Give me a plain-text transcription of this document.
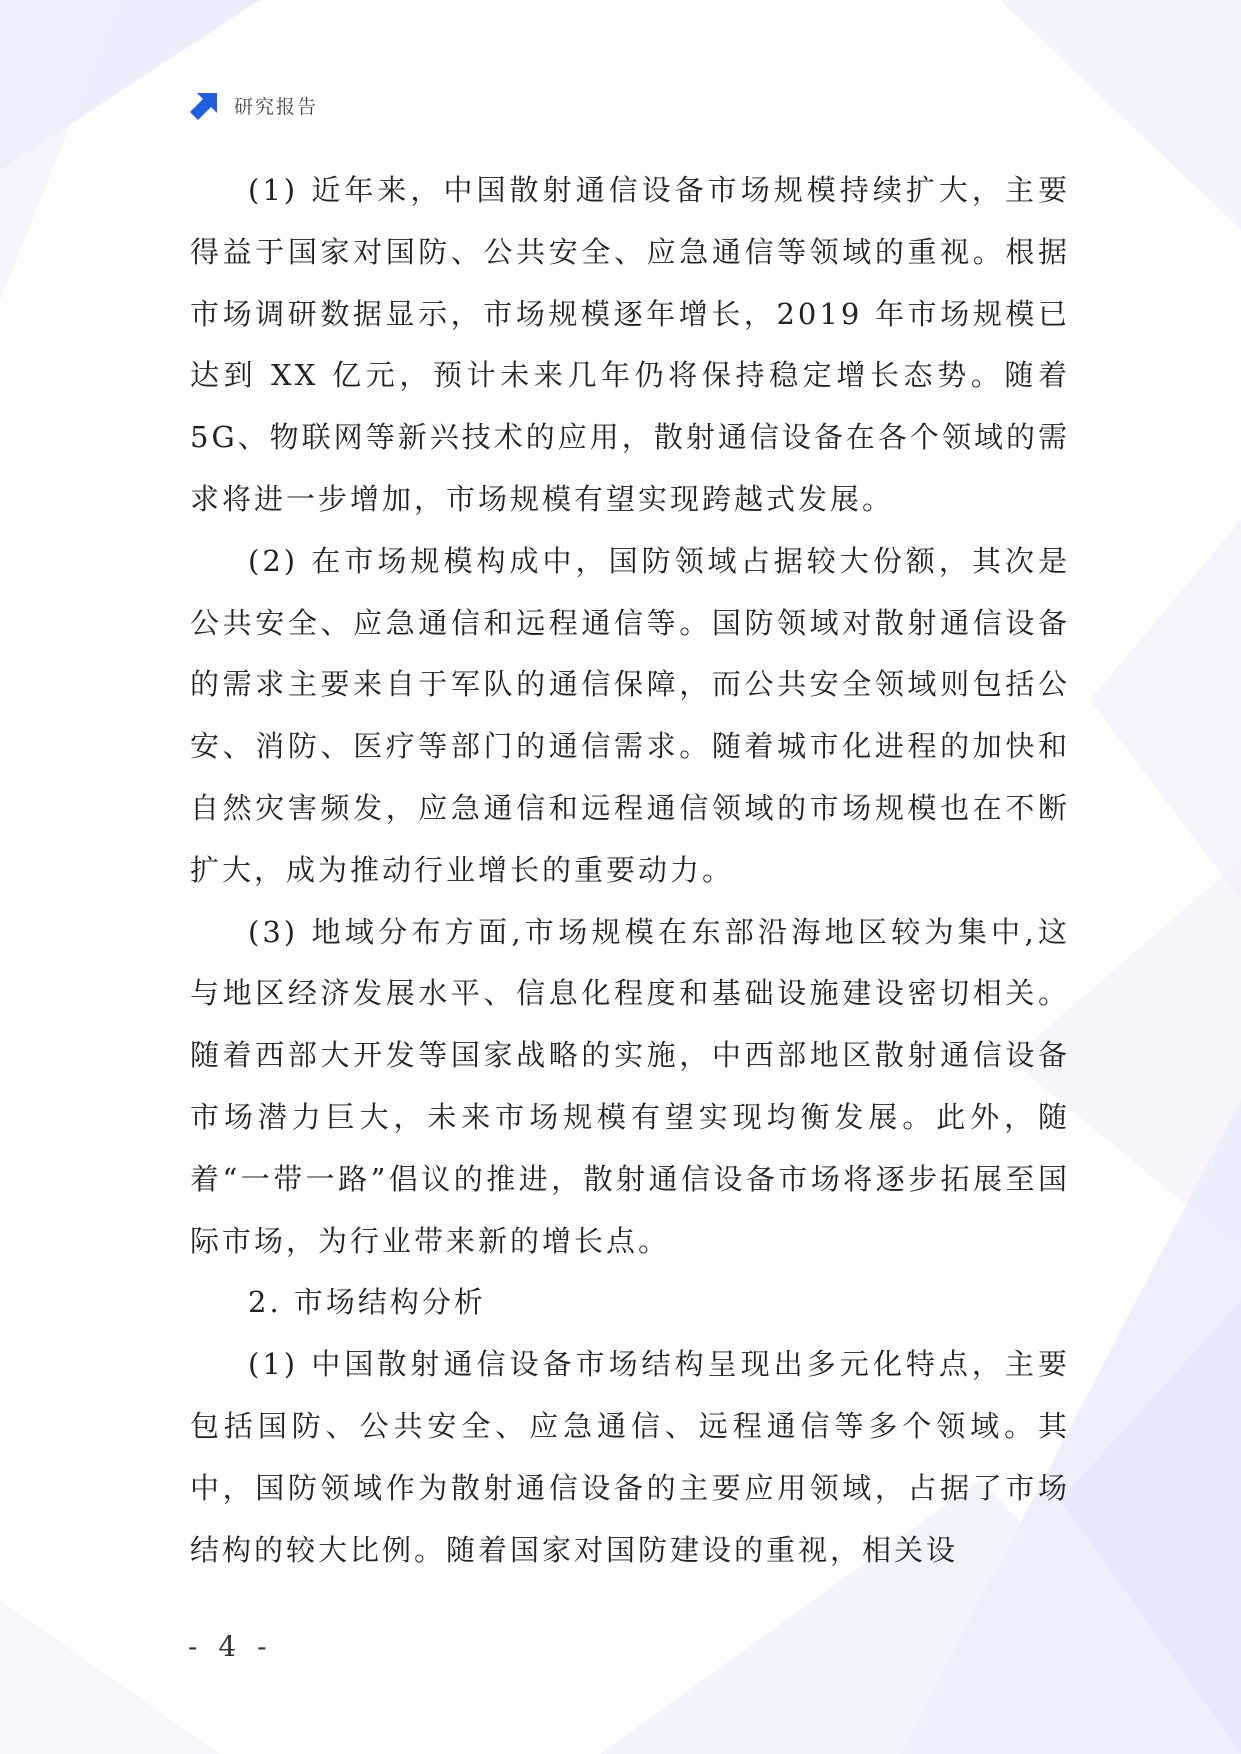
研究报告

(1) 近年来，中国散射通信设备市场规模持续扩大，主要得益于国家对国防、公共安全、应急通信等领域的重视。根据市场调研数据显示，市场规模逐年增长，2019 年市场规模已达到 XX 亿元，预计未来几年仍将保持稳定增长态势。随着 5G、物联网等新兴技术的应用，散射通信设备在各个领域的需求将进一步增加，市场规模有望实现跨越式发展。

(2) 在市场规模构成中，国防领域占据较大份额，其次是公共安全、应急通信和远程通信等。国防领域对散射通信设备的需求主要来自于军队的通信保障，而公共安全领域则包括公安、消防、医疗等部门的通信需求。随着城市化进程的加快和自然灾害频发，应急通信和远程通信领域的市场规模也在不断扩大，成为推动行业增长的重要动力。

(3) 地域分布方面,市场规模在东部沿海地区较为集中,这与地区经济发展水平、信息化程度和基础设施建设密切相关。随着西部大开发等国家战略的实施，中西部地区散射通信设备市场潜力巨大，未来市场规模有望实现均衡发展。此外，随着“一带一路”倡议的推进，散射通信设备市场将逐步拓展至国际市场，为行业带来新的增长点。

2. 市场结构分析

(1) 中国散射通信设备市场结构呈现出多元化特点，主要包括国防、公共安全、应急通信、远程通信等多个领域。其中，国防领域作为散射通信设备的主要应用领域，占据了市场结构的较大比例。随着国家对国防建设的重视，相关设

- 4 -
